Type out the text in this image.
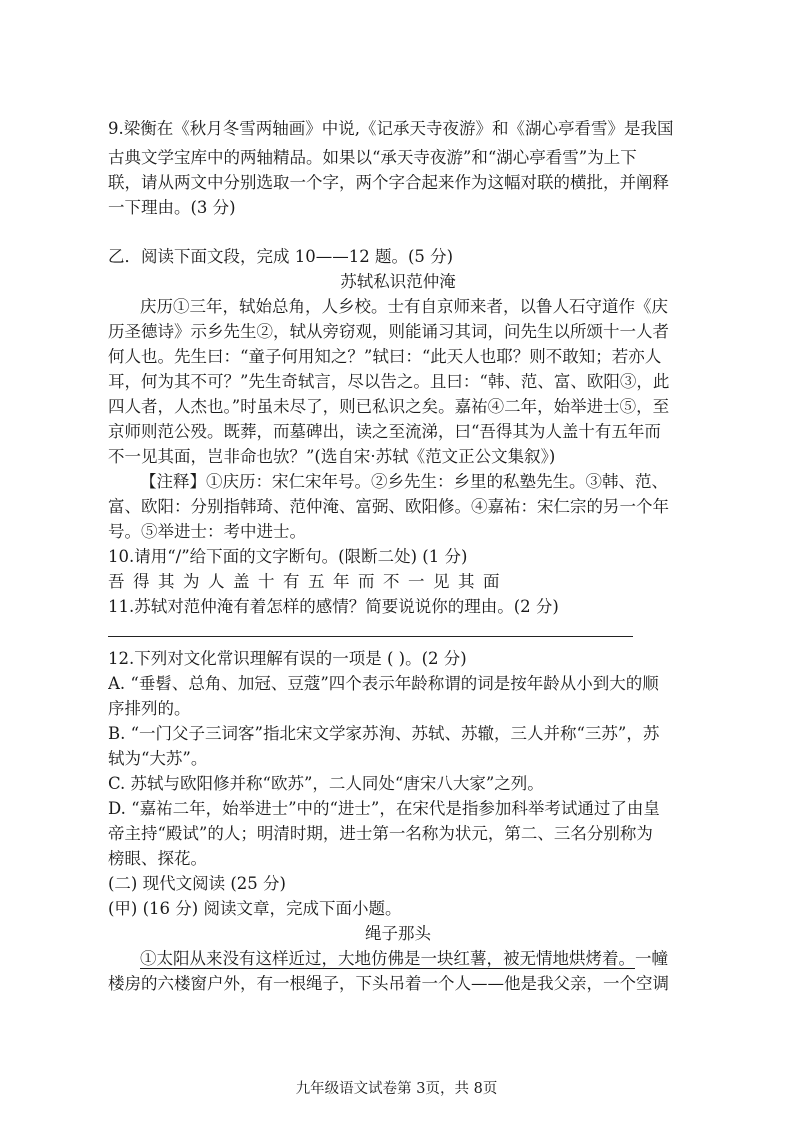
9.梁衡在《秋月冬雪两轴画》中说,《记承天寺夜游》和《湖心亭看雪》是我国
古典文学宝库中的两轴精品。如果以“承天寺夜游”和“湖心亭看雪”为上下
联，请从两文中分别选取一个字，两个字合起来作为这幅对联的横批，并阐释
一下理由。(3 分)
乙．阅读下面文段，完成 10——12 题。(5 分)
苏轼私识范仲淹
庆历①三年，轼始总角，人乡校。士有自京师来者，以鲁人石守道作《庆
历圣德诗》示乡先生②，轼从旁窃观，则能诵习其词，问先生以所颂十一人者
何人也。先生曰：“童子何用知之？”轼曰：“此天人也耶？则不敢知；若亦人
耳，何为其不可？”先生奇轼言，尽以告之。且曰：“韩、范、富、欧阳③，此
四人者，人杰也。”时虽未尽了，则已私识之矣。嘉祐④二年，始举进士⑤，至
京师则范公殁。既葬，而墓碑出，读之至流涕，曰“吾得其为人盖十有五年而
不一见其面，岂非命也欤？”(选自宋·苏轼《范文正公文集叙》)
【注释】①庆历：宋仁宋年号。②乡先生：乡里的私塾先生。③韩、范、
富、欧阳：分别指韩琦、范仲淹、富弼、欧阳修。④嘉祐：宋仁宗的另一个年
号。⑤举进士：考中进士。
10.请用“/”给下面的文字断句。(限断二处) (1 分)
吾得其为人盖十有五年而不一见其面
11.苏轼对范仲淹有着怎样的感情？简要说说你的理由。(2 分)
12.下列对文化常识理解有误的一项是 ( )。(2 分)
A. “垂髫、总角、加冠、豆蔻”四个表示年龄称谓的词是按年龄从小到大的顺
序排列的。
B. “一门父子三词客”指北宋文学家苏洵、苏轼、苏辙，三人并称“三苏”，苏
轼为“大苏”。
C. 苏轼与欧阳修并称“欧苏”，二人同处“唐宋八大家”之列。
D. “嘉祐二年，始举进士”中的“进士”，在宋代是指参加科举考试通过了由皇
帝主持“殿试”的人；明清时期，进士第一名称为状元，第二、三名分别称为
榜眼、探花。
(二) 现代文阅读 (25 分)
(甲) (16 分) 阅读文章，完成下面小题。
绳子那头
①太阳从来没有这样近过，大地仿佛是一块红薯，被无情地烘烤着。一幢
楼房的六楼窗户外，有一根绳子，下头吊着一个人——他是我父亲，一个空调
九年级语文试卷第 3页，共 8页
